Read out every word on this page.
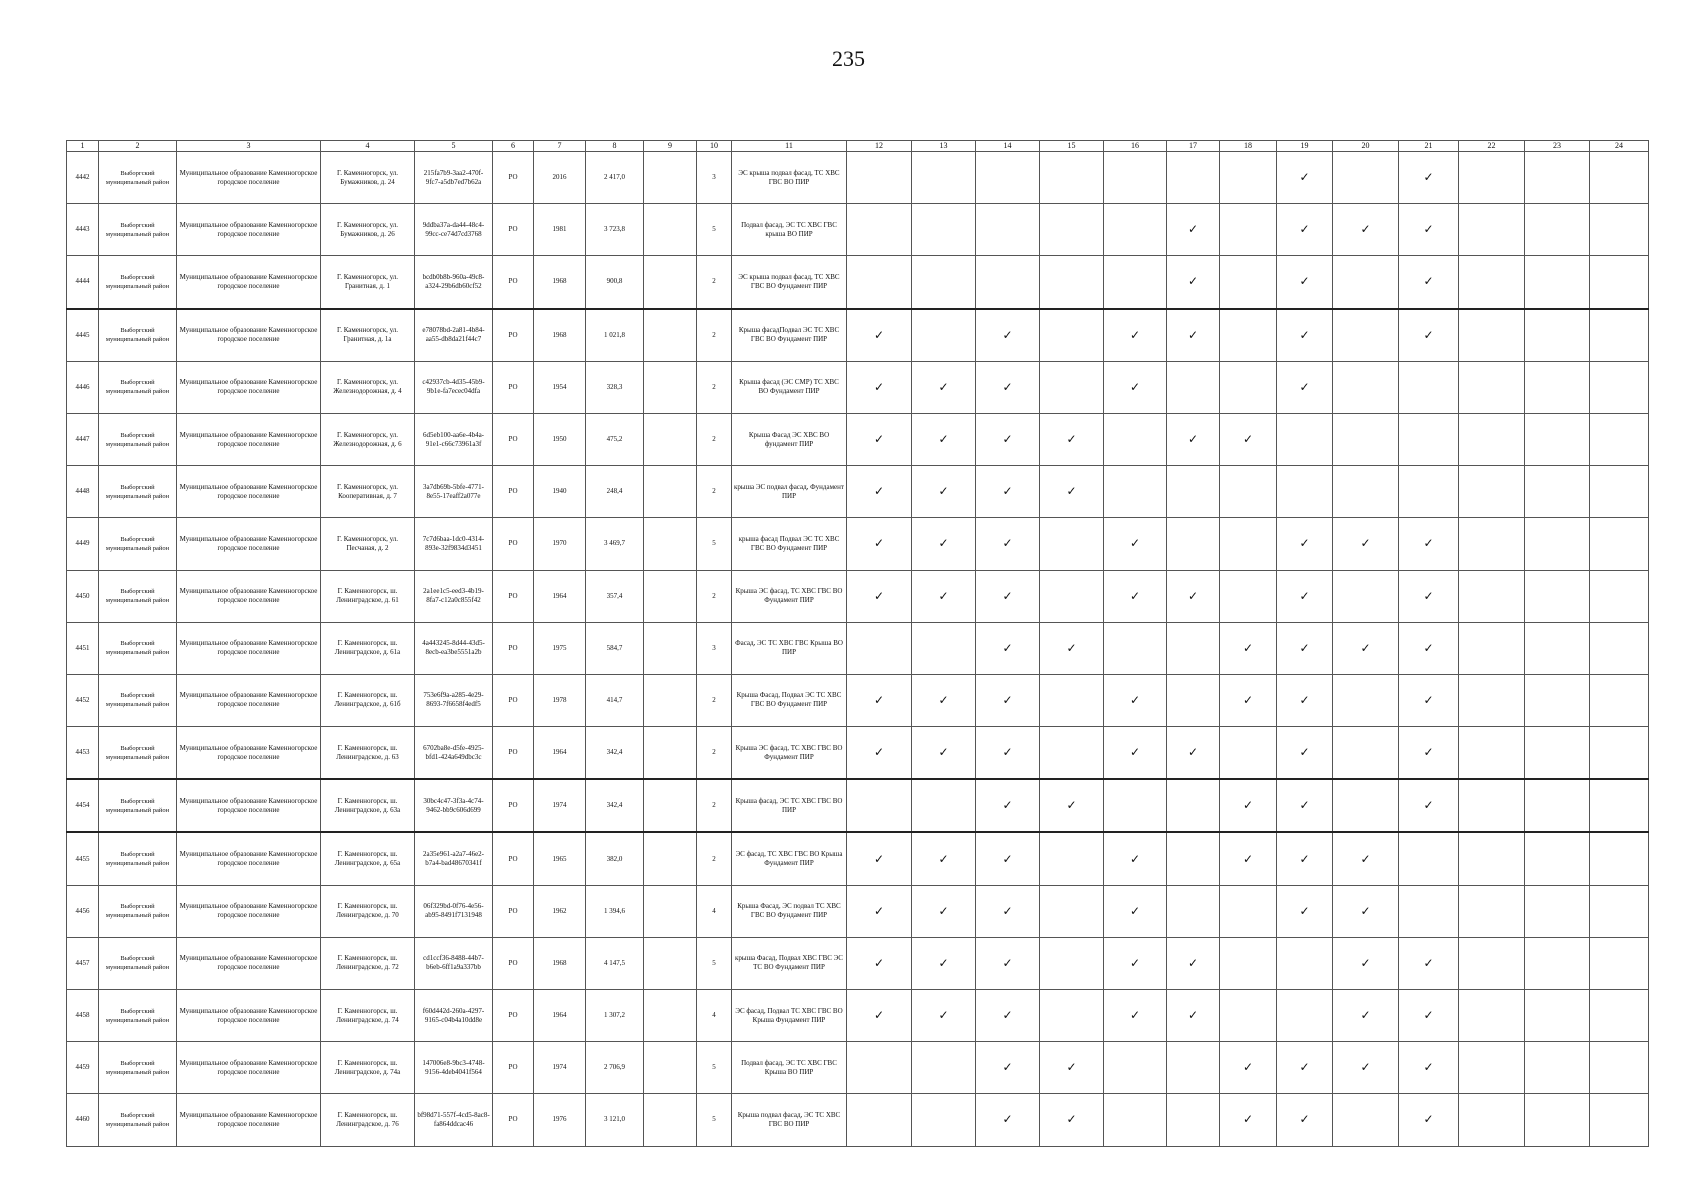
235
1	2	3	4	5	6	7	8	9	10	11	12	13	14	15	16	17	18	19	20	21	22	23	24
4442	Выборгский муниципальный район	Муниципальное образование Каменногорское городское поселение	Г. Каменногорск, ул. Бумажников, д. 24	215fa7b9-3aa2-470f-9fc7-a5db7ed7b62a	РО	2016	2 417,0		3	ЭС крыша подвал фасад, ТС ХВС ГВС ВО ПИР								✓		✓			
4443	Выборгский муниципальный район	Муниципальное образование Каменногорское городское поселение	Г. Каменногорск, ул. Бумажников, д. 26	9ddba37a-da44-48c4-99cc-ce74d7cd3768	РО	1981	3 723,8		5	Подвал фасад, ЭС ТС ХВС ГВС крыша ВО ПИР						✓		✓	✓	✓			
4444	Выборгский муниципальный район	Муниципальное образование Каменногорское городское поселение	Г. Каменногорск, ул. Гранитная, д. 1	bcdb0b8b-960a-49c8-a324-29b6db60cf52	РО	1968	900,8		2	ЭС крыша подвал фасад, ТС ХВС ГВС ВО Фундамент ПИР						✓		✓		✓			
4445	Выборгский муниципальный район	Муниципальное образование Каменногорское городское поселение	Г. Каменногорск, ул. Гранитная, д. 1а	e78078bd-2a81-4b84-aa55-db8da21f44c7	РО	1968	1 021,8		2	Крыша фасадПодвал ЭС ТС ХВС ГВС ВО Фундамент ПИР	✓		✓		✓	✓		✓		✓			
4446	Выборгский муниципальный район	Муниципальное образование Каменногорское городское поселение	Г. Каменногорск, ул. Железнодорожная, д. 4	c42937cb-4d35-45b9-9b1e-fa7ecec04dfa	РО	1954	328,3		2	Крыша фасад (ЭС СМР) ТС ХВС ВО Фундамент ПИР	✓	✓	✓		✓			✓					
4447	Выборгский муниципальный район	Муниципальное образование Каменногорское городское поселение	Г. Каменногорск, ул. Железнодорожная, д. 6	6d5eb100-aa6e-4b4a-91e1-c66c73961a3f	РО	1950	475,2		2	Крыша Фасад ЭС ХВС ВО фундамент ПИР	✓	✓	✓	✓		✓	✓						
4448	Выборгский муниципальный район	Муниципальное образование Каменногорское городское поселение	Г. Каменногорск, ул. Кооперативная, д. 7	3a7db69b-5bfe-4771-8e55-17eaff2a077e	РО	1940	248,4		2	крыша ЭС подвал фасад, Фундамент ПИР	✓	✓	✓	✓									
4449	Выборгский муниципальный район	Муниципальное образование Каменногорское городское поселение	Г. Каменногорск, ул. Песчаная, д. 2	7c7d6baa-1dc0-4314-893e-32f9834d3451	РО	1970	3 469,7		5	крыша фасад Подвал ЭС ТС ХВС ГВС ВО Фундамент ПИР	✓	✓	✓		✓			✓	✓	✓			
4450	Выборгский муниципальный район	Муниципальное образование Каменногорское городское поселение	Г. Каменногорск, ш. Ленинградское, д. 61	2a1ee1c5-eed3-4b19-8fa7-c12a0c855f42	РО	1964	357,4		2	Крыша ЭС фасад, ТС ХВС ГВС ВО Фундамент ПИР	✓	✓	✓		✓	✓		✓		✓			
4451	Выборгский муниципальный район	Муниципальное образование Каменногорское городское поселение	Г. Каменногорск, ш. Ленинградское, д. 61а	4a443245-8d44-43d5-8ecb-ea3be5551a2b	РО	1975	584,7		3	Фасад, ЭС ТС ХВС ГВС Крыша ВО ПИР			✓	✓			✓	✓	✓	✓			
4452	Выборгский муниципальный район	Муниципальное образование Каменногорское городское поселение	Г. Каменногорск, ш. Ленинградское, д. 61б	753e6f9a-a285-4e29-8693-7f6658f4edf5	РО	1978	414,7		2	Крыша Фасад, Подвал ЭС ТС ХВС ГВС ВО Фундамент ПИР	✓	✓	✓		✓		✓	✓		✓			
4453	Выборгский муниципальный район	Муниципальное образование Каменногорское городское поселение	Г. Каменногорск, ш. Ленинградское, д. 63	6702ba8e-d5fe-4925-bfd1-424a649dbc3c	РО	1964	342,4		2	Крыша ЭС фасад, ТС ХВС ГВС ВО Фундамент ПИР	✓	✓	✓		✓	✓		✓		✓			
4454	Выборгский муниципальный район	Муниципальное образование Каменногорское городское поселение	Г. Каменногорск, ш. Ленинградское, д. 63а	30bc4c47-3f3a-4c74-9462-bb9c606d699	РО	1974	342,4		2	Крыша фасад, ЭС ТС ХВС ГВС ВО ПИР			✓	✓			✓	✓		✓			
4455	Выборгский муниципальный район	Муниципальное образование Каменногорское городское поселение	Г. Каменногорск, ш. Ленинградское, д. 65а	2a35e961-a2a7-46e2-b7a4-bad48670341f	РО	1965	382,0		2	ЭС фасад, ТС ХВС ГВС ВО Крыша Фундамент ПИР	✓	✓	✓		✓		✓	✓	✓				
4456	Выборгский муниципальный район	Муниципальное образование Каменногорское городское поселение	Г. Каменногорск, ш. Ленинградское, д. 70	06f329bd-0f76-4e56-ab95-8491f7131948	РО	1962	1 394,6		4	Крыша Фасад, ЭС подвал ТС ХВС ГВС ВО Фундамент ПИР	✓	✓	✓		✓			✓	✓				
4457	Выборгский муниципальный район	Муниципальное образование Каменногорское городское поселение	Г. Каменногорск, ш. Ленинградское, д. 72	cd1ccf36-8488-44b7-b6eb-6ff1a9a337bb	РО	1968	4 147,5		5	крыша Фасад, Подвал ХВС ГВС ЭС ТС ВО Фундамент ПИР	✓	✓	✓		✓	✓			✓	✓			
4458	Выборгский муниципальный район	Муниципальное образование Каменногорское городское поселение	Г. Каменногорск, ш. Ленинградское, д. 74	f60d442d-260a-4297-9165-c04b4a10dd8e	РО	1964	1 307,2		4	ЭС фасад, Подвал ТС ХВС ГВС ВО Крыша Фундамент ПИР	✓	✓	✓		✓	✓			✓	✓			
4459	Выборгский муниципальный район	Муниципальное образование Каменногорское городское поселение	Г. Каменногорск, ш. Ленинградское, д. 74а	147006e8-9bc3-4748-9156-4deb4041f564	РО	1974	2 706,9		5	Подвал фасад, ЭС ТС ХВС ГВС Крыша ВО ПИР			✓	✓			✓	✓	✓	✓			
4460	Выборгский муниципальный район	Муниципальное образование Каменногорское городское поселение	Г. Каменногорск, ш. Ленинградское, д. 76	bf98d71-557f-4cd5-8ac8-fa864ddcac46	РО	1976	3 121,0		5	Крыша подвал фасад, ЭС ТС ХВС ГВС ВО ПИР			✓	✓			✓	✓		✓			
